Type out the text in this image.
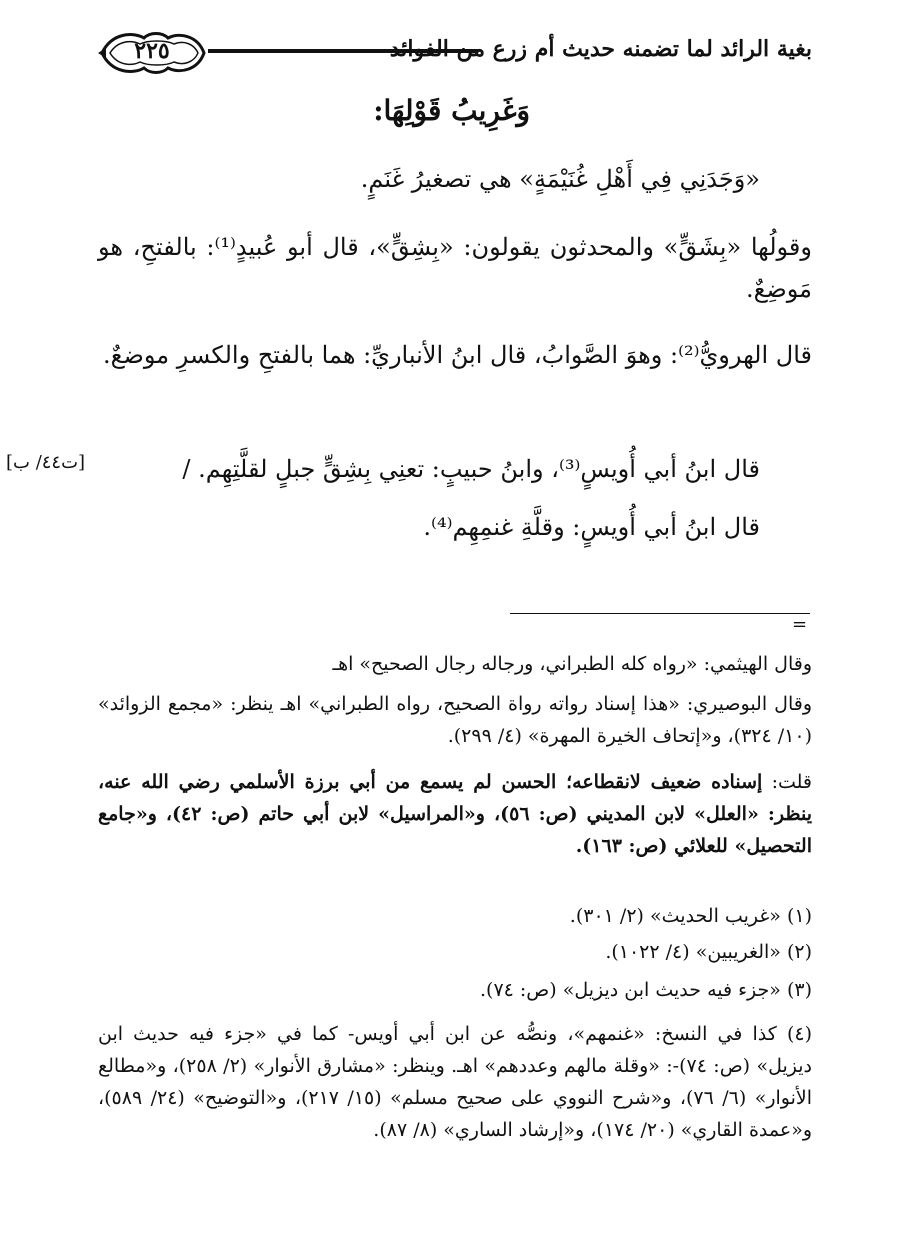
٢٢٥	بغية الرائد لما تضمنه حديث أم زرع من الفوائد
وَغَرِيبُ قَوْلِهَا:
«وَجَدَنِي فِي أَهْلِ غُنَيْمَةٍ» هي تصغيرُ غَنَمٍ.
وقولُها «بِشَقٍّ» والمحدثون يقولون: «بِشِقٍّ»، قال أبو عُبيدٍ⁽¹⁾: بالفتحِ، هو مَوضِعٌ.
قال الهرويُّ⁽²⁾: وهوَ الصَّوابُ، قال ابنُ الأنباريِّ: هما بالفتحِ والكسرِ موضعٌ.
قال ابنُ أبي أُويسٍ⁽³⁾، وابنُ حبيبٍ: تعنِي بِشِقٍّ جبلٍ لقلَّتِهِم. /
قال ابنُ أبي أُويسٍ: وقلَّةِ غنمِهِم⁽⁴⁾.
[ت٤٤/ ب]
=
وقال الهيثمي: «رواه كله الطبراني، ورجاله رجال الصحيح» اهـ
وقال البوصيري: «هذا إسناد رواته رواة الصحيح، رواه الطبراني» اهـ ينظر: «مجمع الزوائد» (١٠/ ٣٢٤)، و«إتحاف الخيرة المهرة» (٤/ ٢٩٩).
قلت: إسناده ضعيف لانقطاعه؛ الحسن لم يسمع من أبي برزة الأسلمي رضي الله عنه، ينظر: «العلل» لابن المديني (ص: ٥٦)، و«المراسيل» لابن أبي حاتم (ص: ٤٢)، و«جامع التحصيل» للعلائي (ص: ١٦٣).
(١) «غريب الحديث» (٢/ ٣٠١).
(٢) «الغريبين» (٤/ ١٠٢٢).
(٣) «جزء فيه حديث ابن ديزيل» (ص: ٧٤).
(٤) كذا في النسخ: «غنمهم»، ونصُّه عن ابن أبي أويس- كما في «جزء فيه حديث ابن ديزيل» (ص: ٧٤)-: «وقلة مالهم وعددهم» اهـ. وينظر: «مشارق الأنوار» (٢/ ٢٥٨)، و«مطالع الأنوار» (٦/ ٧٦)، و«شرح النووي على صحيح مسلم» (١٥/ ٢١٧)، و«التوضيح» (٢٤/ ٥٨٩)، و«عمدة القاري» (٢٠/ ١٧٤)، و«إرشاد الساري» (٨/ ٨٧).
